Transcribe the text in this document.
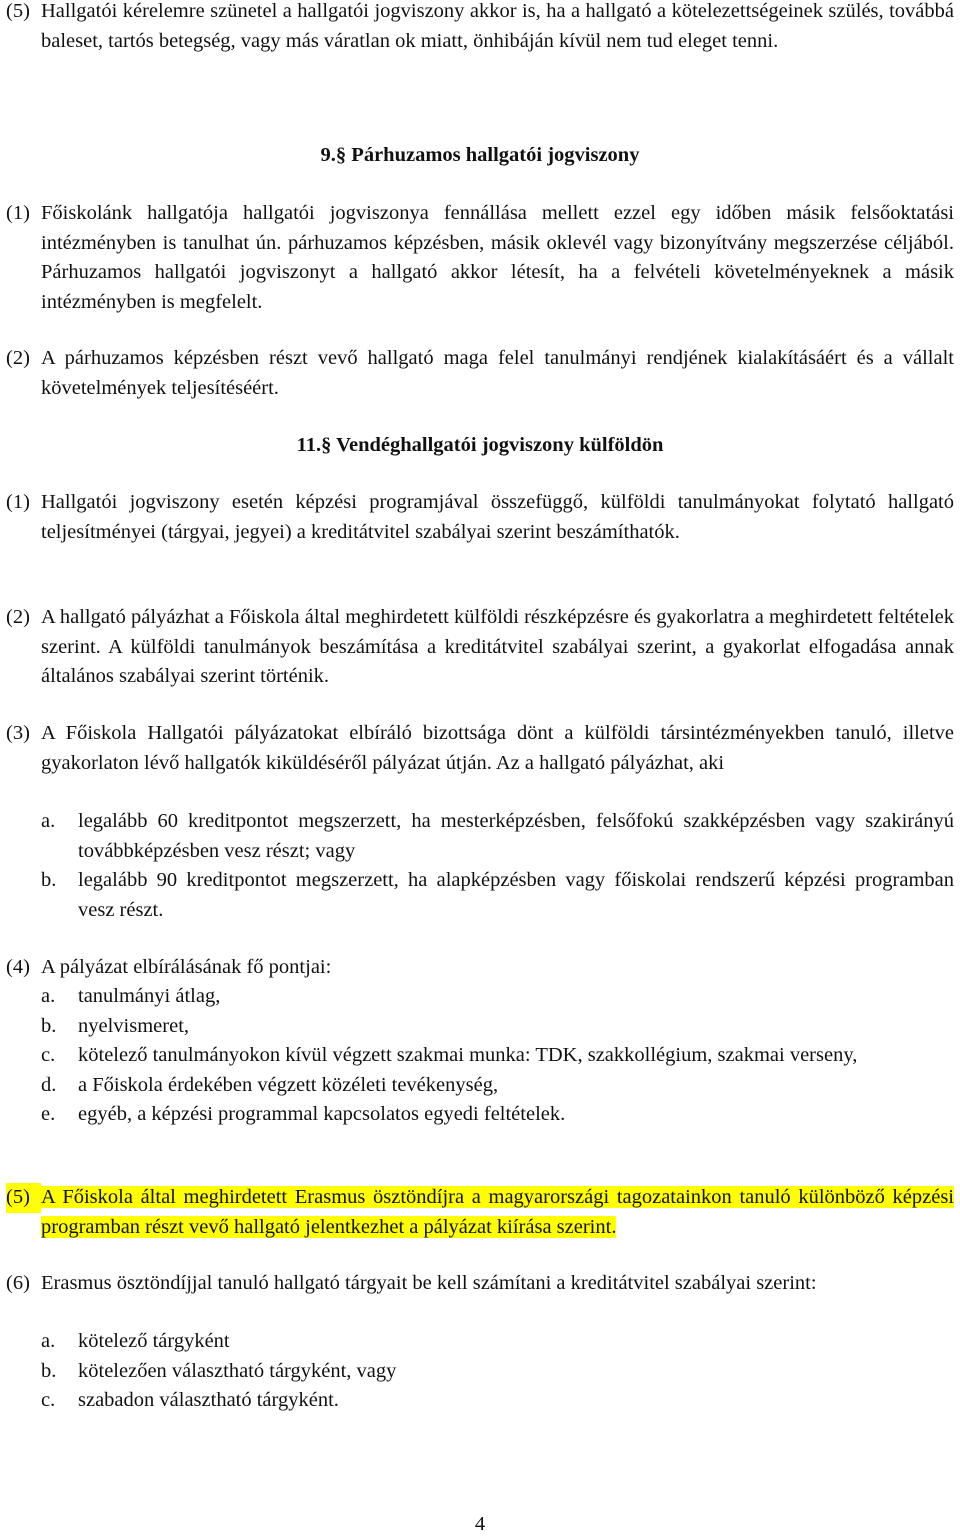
(5) Hallgatói kérelemre szünetel a hallgatói jogviszony akkor is, ha a hallgató a kötelezettségeinek szülés, továbbá baleset, tartós betegség, vagy más váratlan ok miatt, önhibáján kívül nem tud eleget tenni.
9.§ Párhuzamos hallgatói jogviszony
(1) Főiskolánk hallgatója hallgatói jogviszonya fennállása mellett ezzel egy időben másik felsőoktatási intézményben is tanulhat ún. párhuzamos képzésben, másik oklevél vagy bizonyítvány megszerzése céljából. Párhuzamos hallgatói jogviszonyt a hallgató akkor létesít, ha a felvételi követelményeknek a másik intézményben is megfelelt.
(2) A párhuzamos képzésben részt vevő hallgató maga felel tanulmányi rendjének kialakításáért és a vállalt követelmények teljesítéséért.
11.§ Vendéghallgatói jogviszony külföldön
(1) Hallgatói jogviszony esetén képzési programjával összefüggő, külföldi tanulmányokat folytató hallgató teljesítményei (tárgyai, jegyei) a kreditátvitel szabályai szerint beszámíthatók.
(2) A hallgató pályázhat a Főiskola által meghirdetett külföldi részképzésre és gyakorlatra a meghirdetett feltételek szerint. A külföldi tanulmányok beszámítása a kreditátvitel szabályai szerint, a gyakorlat elfogadása annak általános szabályai szerint történik.
(3) A Főiskola Hallgatói pályázatokat elbíráló bizottsága dönt a külföldi társintézményekben tanuló, illetve gyakorlaton lévő hallgatók kiküldéséről pályázat útján. Az a hallgató pályázhat, aki
a. legalább 60 kreditpontot megszerzett, ha mesterképzésben, felsőfokú szakképzésben vagy szakirányú továbbképzésben vesz részt; vagy
b. legalább 90 kreditpontot megszerzett, ha alapképzésben vagy főiskolai rendszerű képzési programban vesz részt.
(4) A pályázat elbírálásának fő pontjai:
a. tanulmányi átlag,
b. nyelvismeret,
c. kötelező tanulmányokon kívül végzett szakmai munka: TDK, szakkollégium, szakmai verseny,
d. a Főiskola érdekében végzett közéleti tevékenység,
e. egyéb, a képzési programmal kapcsolatos egyedi feltételek.
(5) A Főiskola által meghirdetett Erasmus ösztöndíjra a magyarországi tagozatainkon tanuló különböző képzési programban részt vevő hallgató jelentkezhet a pályázat kiírása szerint.
(6) Erasmus ösztöndíjjal tanuló hallgató tárgyait be kell számítani a kreditátvitel szabályai szerint:
a. kötelező tárgyként
b. kötelezően választható tárgyként, vagy
c. szabadon választható tárgyként.
4
